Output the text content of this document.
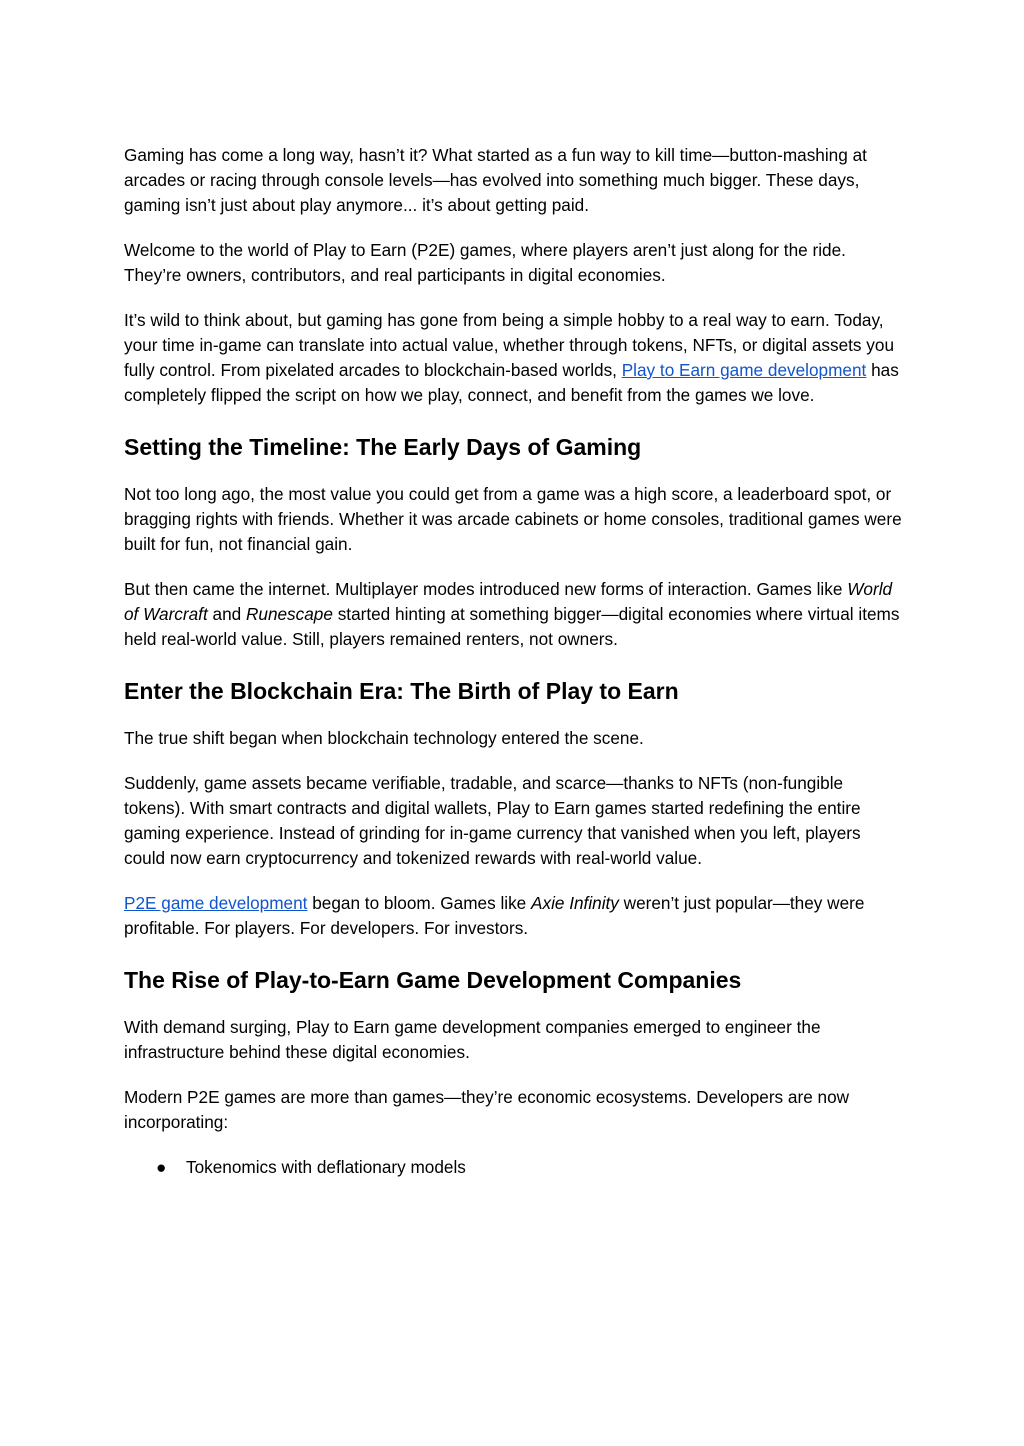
Gaming has come a long way, hasn’t it? What started as a fun way to kill time—button-mashing at arcades or racing through console levels—has evolved into something much bigger. These days, gaming isn’t just about play anymore... it’s about getting paid.

Welcome to the world of Play to Earn (P2E) games, where players aren’t just along for the ride. They’re owners, contributors, and real participants in digital economies.

It’s wild to think about, but gaming has gone from being a simple hobby to a real way to earn. Today, your time in-game can translate into actual value, whether through tokens, NFTs, or digital assets you fully control. From pixelated arcades to blockchain-based worlds, Play to Earn game development has completely flipped the script on how we play, connect, and benefit from the games we love.

Setting the Timeline: The Early Days of Gaming

Not too long ago, the most value you could get from a game was a high score, a leaderboard spot, or bragging rights with friends. Whether it was arcade cabinets or home consoles, traditional games were built for fun, not financial gain.

But then came the internet. Multiplayer modes introduced new forms of interaction. Games like World of Warcraft and Runescape started hinting at something bigger—digital economies where virtual items held real-world value. Still, players remained renters, not owners.

Enter the Blockchain Era: The Birth of Play to Earn

The true shift began when blockchain technology entered the scene.

Suddenly, game assets became verifiable, tradable, and scarce—thanks to NFTs (non-fungible tokens). With smart contracts and digital wallets, Play to Earn games started redefining the entire gaming experience. Instead of grinding for in-game currency that vanished when you left, players could now earn cryptocurrency and tokenized rewards with real-world value.

P2E game development began to bloom. Games like Axie Infinity weren’t just popular—they were profitable. For players. For developers. For investors.

The Rise of Play-to-Earn Game Development Companies

With demand surging, Play to Earn game development companies emerged to engineer the infrastructure behind these digital economies.

Modern P2E games are more than games—they’re economic ecosystems. Developers are now incorporating:

● Tokenomics with deflationary models
